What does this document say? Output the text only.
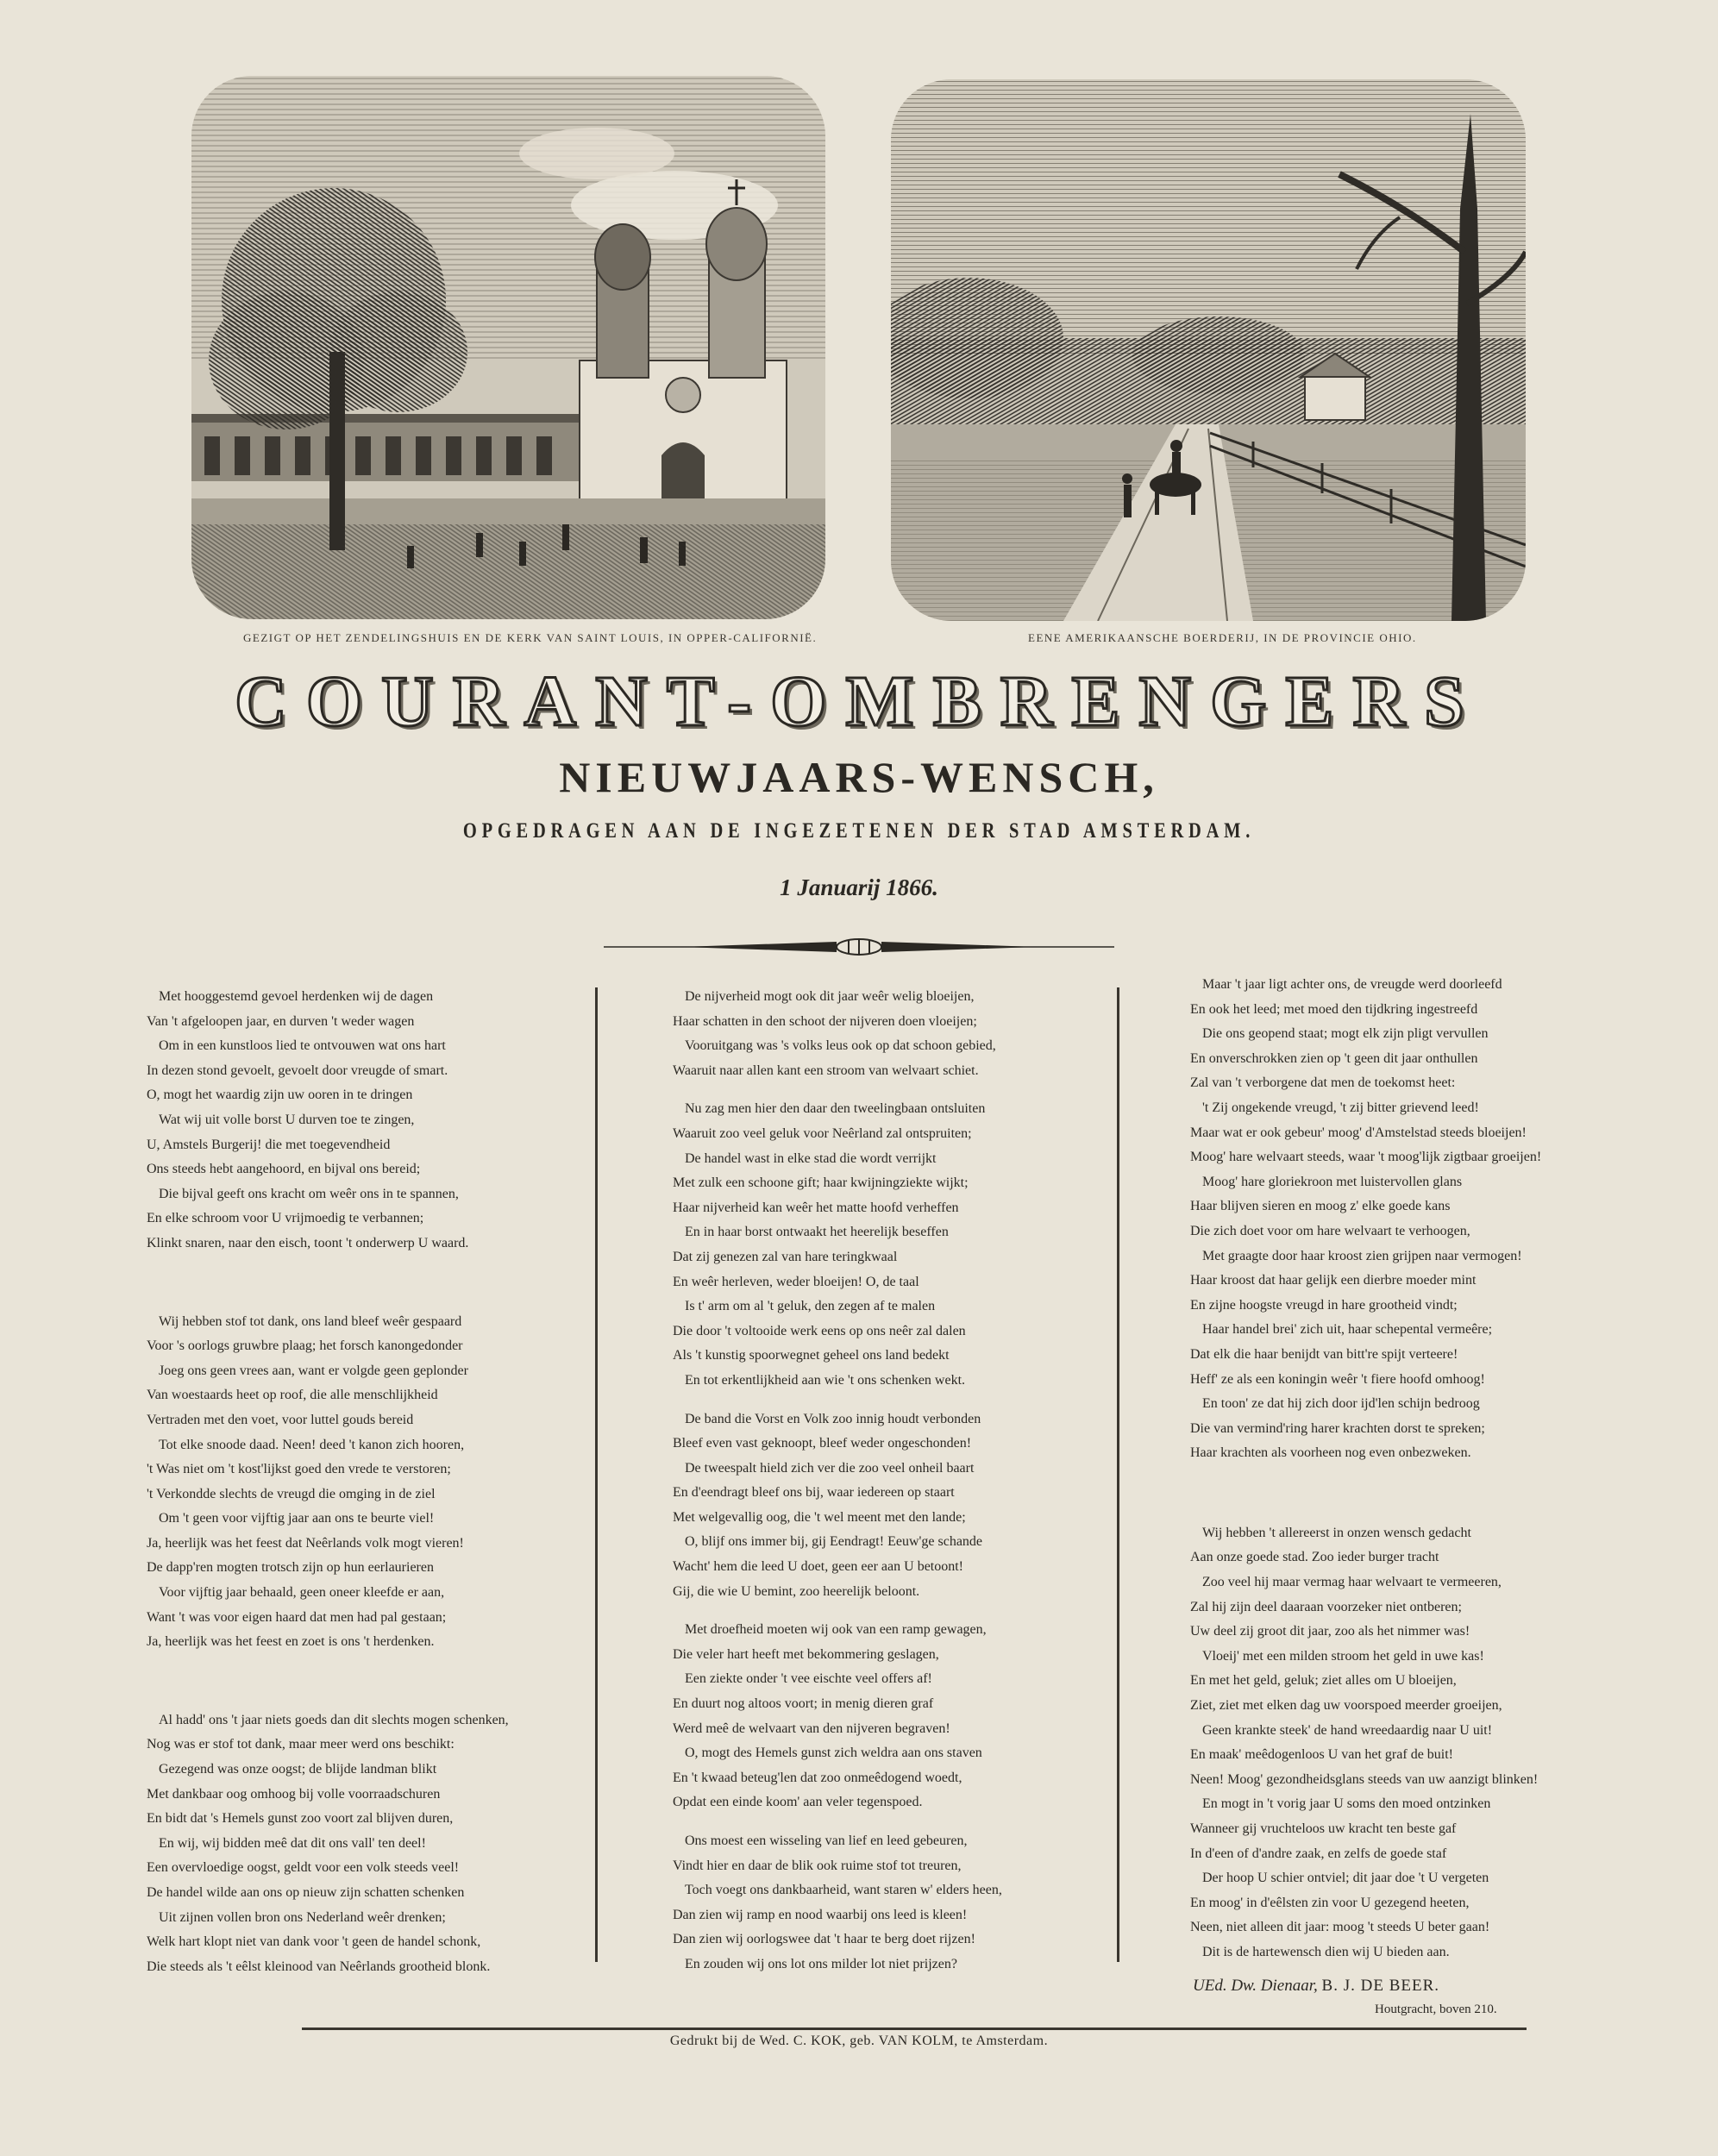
GEZIGT OP HET ZENDELINGSHUIS EN DE KERK VAN SAINT LOUIS, IN OPPER-CALIFORNIË.	EENE AMERIKAANSCHE BOERDERIJ, IN DE PROVINCIE OHIO.
COURANT-OMBRENGERS
NIEUWJAARS-WENSCH,
OPGEDRAGEN AAN DE INGEZETENEN DER STAD AMSTERDAM.
1 Januarij 1866.
Met hooggestemd gevoel herdenken wij de dagen
Van 't afgeloopen jaar, en durven 't weder wagen
Om in een kunstloos lied te ontvouwen wat ons hart
In dezen stond gevoelt, gevoelt door vreugde of smart.
O, mogt het waardig zijn uw ooren in te dringen
Wat wij uit volle borst U durven toe te zingen,
U, Amstels Burgerij! die met toegevendheid
Ons steeds hebt aangehoord, en bijval ons bereid;
Die bijval geeft ons kracht om weêr ons in te spannen,
En elke schroom voor U vrijmoedig te verbannen;
Klinkt snaren, naar den eisch, toont 't onderwerp U waard.
Wij hebben stof tot dank, ons land bleef weêr gespaard
Voor 's oorlogs gruwbre plaag; het forsch kanongedonder
Joeg ons geen vrees aan, want er volgde geen geplonder
Van woestaards heet op roof, die alle menschlijkheid
Vertraden met den voet, voor luttel gouds bereid
Tot elke snoode daad. Neen! deed 't kanon zich hooren,
't Was niet om 't kost'lijkst goed den vrede te verstoren;
't Verkondde slechts de vreugd die omging in de ziel
Om 't geen voor vijftig jaar aan ons te beurte viel!
Ja, heerlijk was het feest dat Neêrlands volk mogt vieren!
De dapp'ren mogten trotsch zijn op hun eerlaurieren
Voor vijftig jaar behaald, geen oneer kleefde er aan,
Want 't was voor eigen haard dat men had pal gestaan;
Ja, heerlijk was het feest en zoet is ons 't herdenken.
Al hadd' ons 't jaar niets goeds dan dit slechts mogen schenken,
Nog was er stof tot dank, maar meer werd ons beschikt:
Gezegend was onze oogst; de blijde landman blikt
Met dankbaar oog omhoog bij volle voorraadschuren
En bidt dat 's Hemels gunst zoo voort zal blijven duren,
En wij, wij bidden meê dat dit ons vall' ten deel!
Een overvloedige oogst, geldt voor een volk steeds veel!
De handel wilde aan ons op nieuw zijn schatten schenken
Uit zijnen vollen bron ons Nederland weêr drenken;
Welk hart klopt niet van dank voor 't geen de handel schonk,
Die steeds als 't eêlst kleinood van Neêrlands grootheid blonk.
De nijverheid mogt ook dit jaar weêr welig bloeijen,
Haar schatten in den schoot der nijveren doen vloeijen;
Vooruitgang was 's volks leus ook op dat schoon gebied,
Waaruit naar allen kant een stroom van welvaart schiet.
Nu zag men hier den daar den tweelingbaan ontsluiten
Waaruit zoo veel geluk voor Neêrland zal ontspruiten;
De handel wast in elke stad die wordt verrijkt
Met zulk een schoone gift; haar kwijningziekte wijkt;
Haar nijverheid kan weêr het matte hoofd verheffen
En in haar borst ontwaakt het heerelijk beseffen
Dat zij genezen zal van hare teringkwaal
En weêr herleven, weder bloeijen! O, de taal
Is t' arm om al 't geluk, den zegen af te malen
Die door 't voltooide werk eens op ons neêr zal dalen
Als 't kunstig spoorwegnet geheel ons land bedekt
En tot erkentlijkheid aan wie 't ons schenken wekt.
De band die Vorst en Volk zoo innig houdt verbonden
Bleef even vast geknoopt, bleef weder ongeschonden!
De tweespalt hield zich ver die zoo veel onheil baart
En d'eendragt bleef ons bij, waar iedereen op staart
Met welgevallig oog, die 't wel meent met den lande;
O, blijf ons immer bij, gij Eendragt! Eeuw'ge schande
Wacht' hem die leed U doet, geen eer aan U betoont!
Gij, die wie U bemint, zoo heerelijk beloont.
Met droefheid moeten wij ook van een ramp gewagen,
Die veler hart heeft met bekommering geslagen,
Een ziekte onder 't vee eischte veel offers af!
En duurt nog altoos voort; in menig dieren graf
Werd meê de welvaart van den nijveren begraven!
O, mogt des Hemels gunst zich weldra aan ons staven
En 't kwaad beteug'len dat zoo onmeêdogend woedt,
Opdat een einde koom' aan veler tegenspoed.
Ons moest een wisseling van lief en leed gebeuren,
Vindt hier en daar de blik ook ruime stof tot treuren,
Toch voegt ons dankbaarheid, want staren w' elders heen,
Dan zien wij ramp en nood waarbij ons leed is kleen!
Dan zien wij oorlogswee dat 't haar te berg doet rijzen!
En zouden wij ons lot ons milder lot niet prijzen?
Maar 't jaar ligt achter ons, de vreugde werd doorleefd
En ook het leed; met moed den tijdkring ingestreefd
Die ons geopend staat; mogt elk zijn pligt vervullen
En onverschrokken zien op 't geen dit jaar onthullen
Zal van 't verborgene dat men de toekomst heet:
't Zij ongekende vreugd, 't zij bitter grievend leed!
Maar wat er ook gebeur' moog' d'Amstelstad steeds bloeijen!
Moog' hare welvaart steeds, waar 't moog'lijk zigtbaar groeijen!
Moog' hare gloriekroon met luistervollen glans
Haar blijven sieren en moog z' elke goede kans
Die zich doet voor om hare welvaart te verhoogen,
Met graagte door haar kroost zien grijpen naar vermogen!
Haar kroost dat haar gelijk een dierbre moeder mint
En zijne hoogste vreugd in hare grootheid vindt;
Haar handel brei' zich uit, haar schepental vermeêre;
Dat elk die haar benijdt van bitt're spijt verteere!
Heff' ze als een koningin weêr 't fiere hoofd omhoog!
En toon' ze dat hij zich door ijd'len schijn bedroog
Die van vermind'ring harer krachten dorst te spreken;
Haar krachten als voorheen nog even onbezweken.
Wij hebben 't allereerst in onzen wensch gedacht
Aan onze goede stad. Zoo ieder burger tracht
Zoo veel hij maar vermag haar welvaart te vermeeren,
Zal hij zijn deel daaraan voorzeker niet ontberen;
Uw deel zij groot dit jaar, zoo als het nimmer was!
Vloeij' met een milden stroom het geld in uwe kas!
En met het geld, geluk; ziet alles om U bloeijen,
Ziet, ziet met elken dag uw voorspoed meerder groeijen,
Geen krankte steek' de hand wreedaardig naar U uit!
En maak' meêdogenloos U van het graf de buit!
Neen! Moog' gezondheidsglans steeds van uw aanzigt blinken!
En mogt in 't vorig jaar U soms den moed ontzinken
Wanneer gij vruchteloos uw kracht ten beste gaf
In d'een of d'andre zaak, en zelfs de goede staf
Der hoop U schier ontviel; dit jaar doe 't U vergeten
En moog' in d'eêlsten zin voor U gezegend heeten,
Neen, niet alleen dit jaar: moog 't steeds U beter gaan!
Dit is de hartewensch dien wij U bieden aan.
UEd. Dw. Dienaar, B. J. DE BEER.
Houtgracht, boven 210.
Gedrukt bij de Wed. C. KOK, geb. VAN KOLM, te Amsterdam.
